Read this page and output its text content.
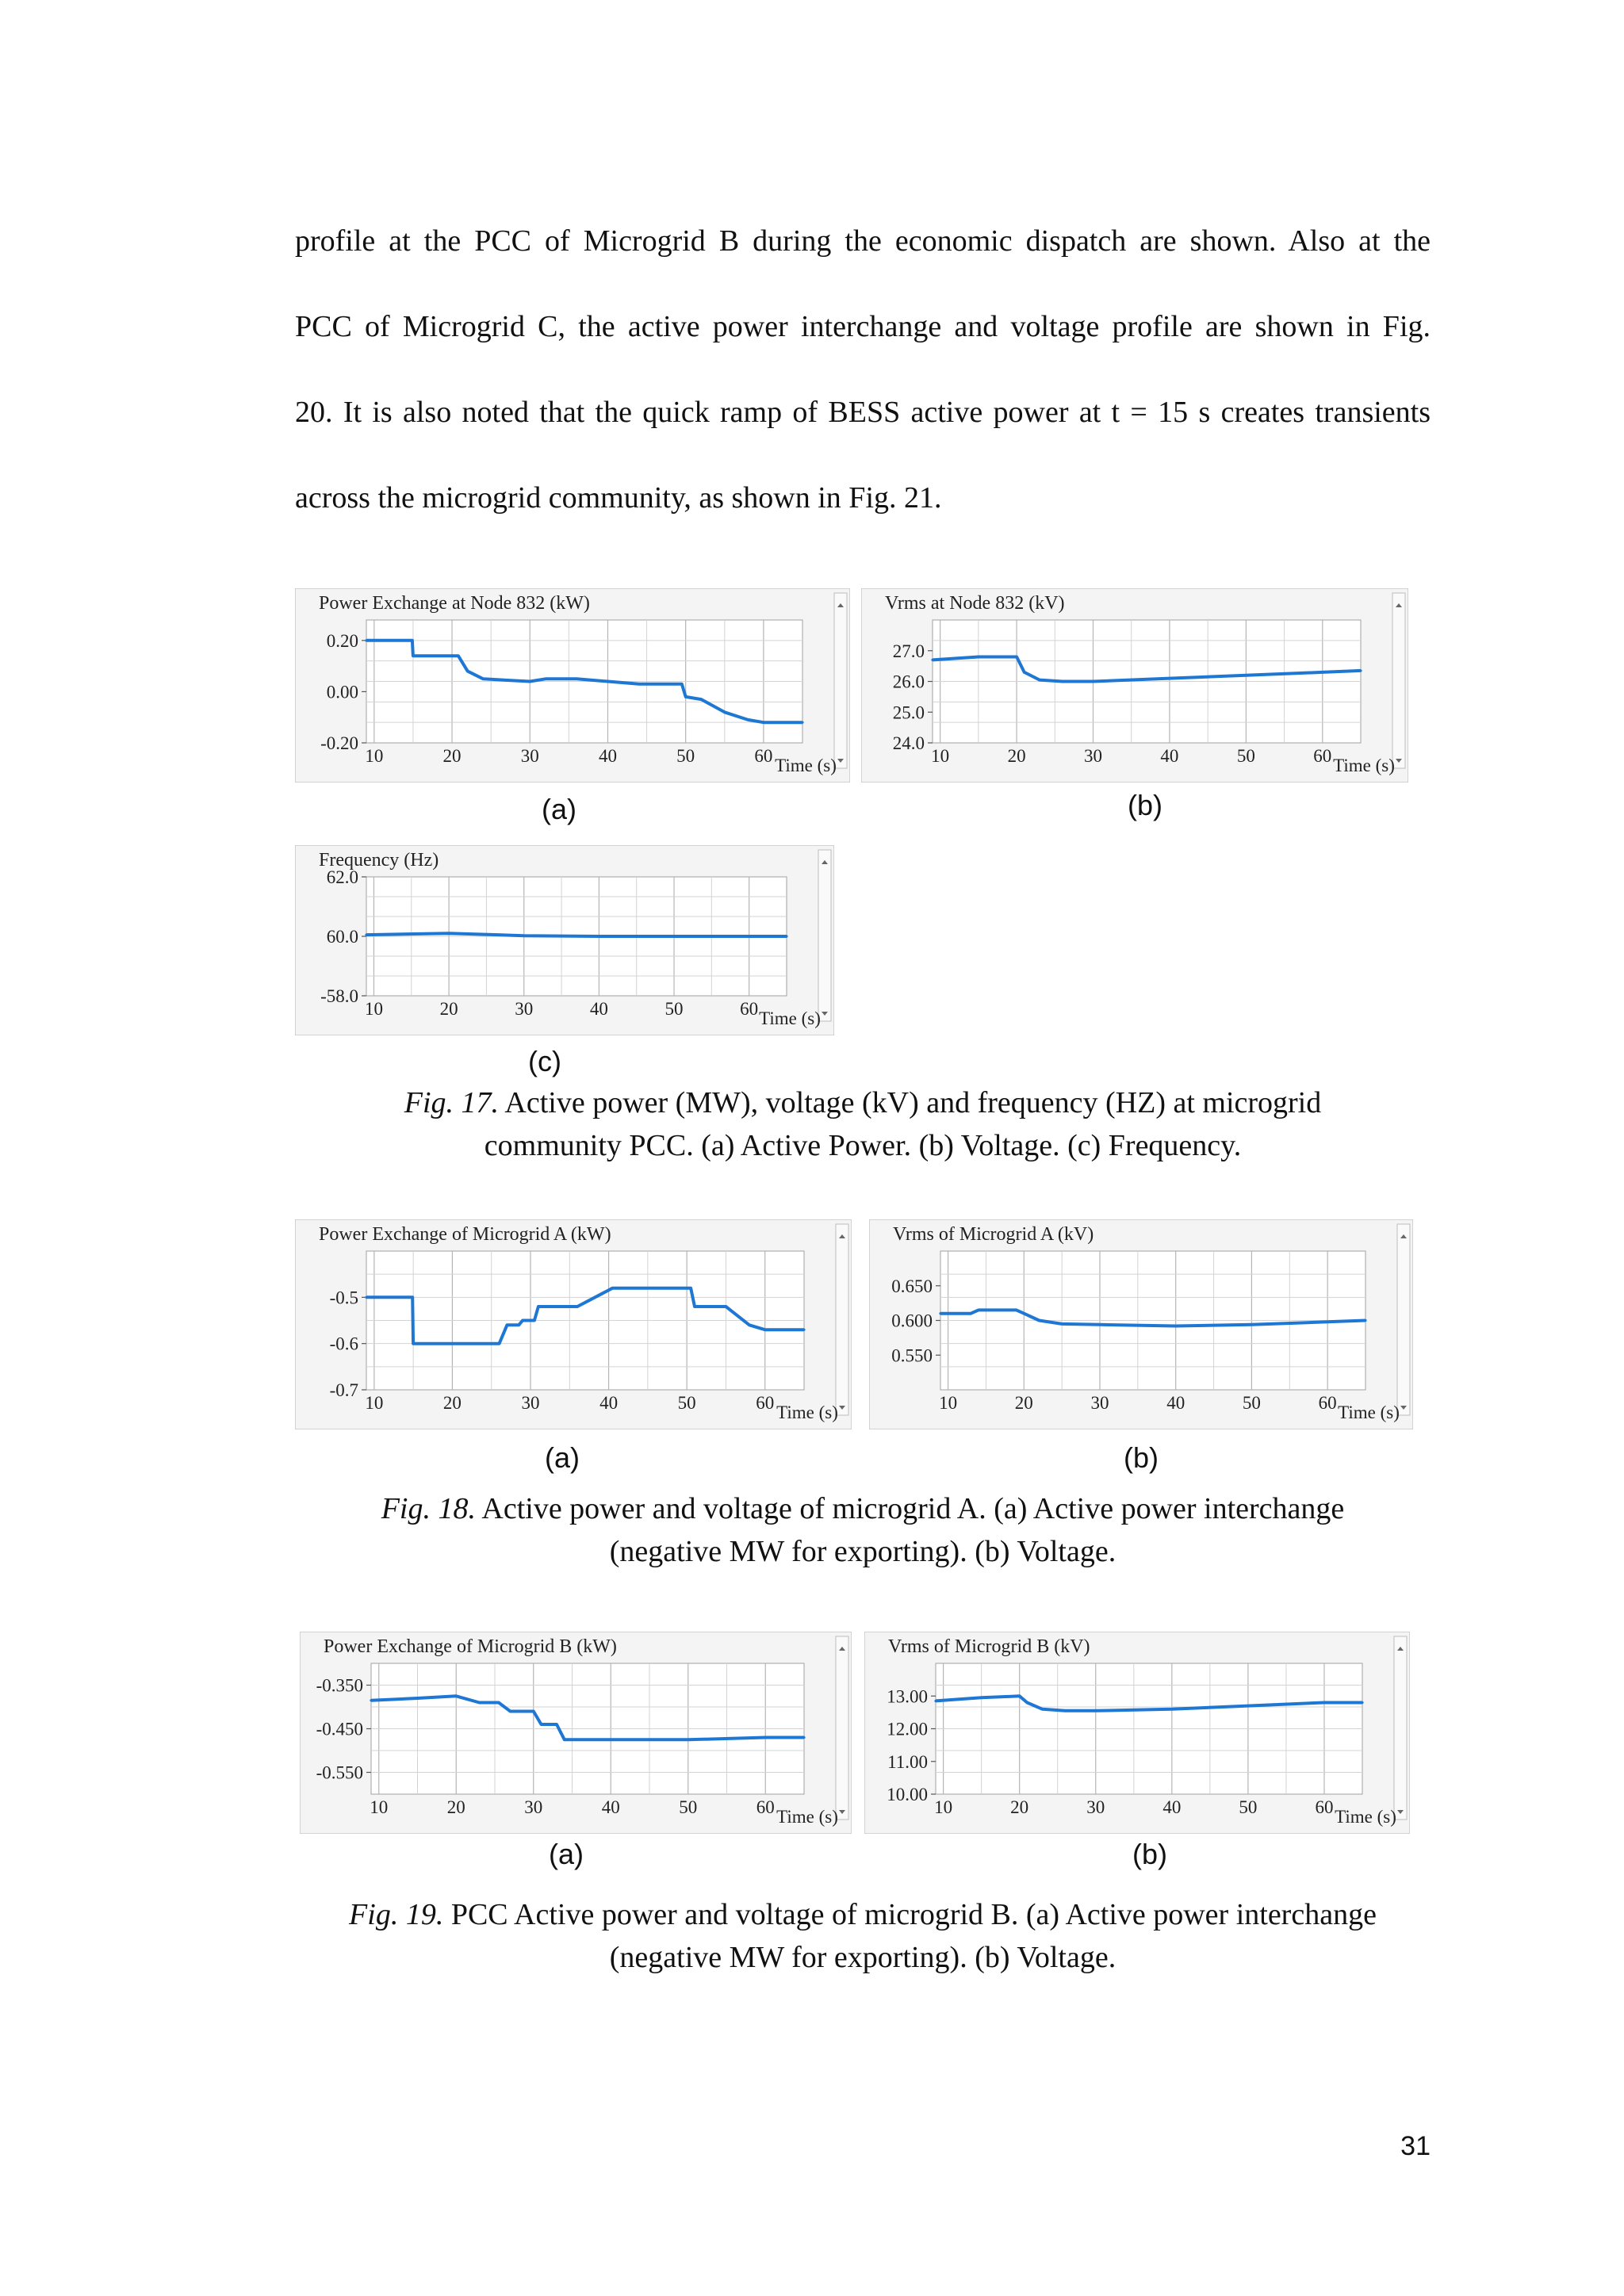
profile at the PCC of Microgrid B during the economic dispatch are shown. Also at the
PCC of Microgrid C, the active power interchange and voltage profile are shown in Fig.
20. It is also noted that the quick ramp of BESS active power at t = 15 s creates transients
across the microgrid community, as shown in Fig. 21.

Power Exchange at Node 832 (kW)
10	20	30	40	50	60
0.20
0.00
-0.20
Time (s)
Vrms at Node 832 (kV)
10	20	30	40	50	60
27.0
26.0
25.0
24.0
Time (s)
(a)	(b)
Frequency (Hz)
10	20	30	40	50	60
62.0
60.0
-58.0
Time (s)
(c)

Fig. 17. Active power (MW), voltage (kV) and frequency (HZ) at microgrid
community PCC. (a) Active Power. (b) Voltage. (c) Frequency.

Power Exchange of Microgrid A (kW)
10	20	30	40	50	60
-0.5
-0.6
-0.7
Time (s)
Vrms of Microgrid A (kV)
10	20	30	40	50	60
0.650
0.600
0.550
Time (s)
(a)	(b)

Fig. 18. Active power and voltage of microgrid A. (a) Active power interchange
(negative MW for exporting). (b) Voltage.

Power Exchange of Microgrid B (kW)
10	20	30	40	50	60
-0.350
-0.450
-0.550
Time (s)
Vrms of Microgrid B (kV)
10	20	30	40	50	60
13.00
12.00
11.00
10.00
Time (s)
(a)	(b)

Fig. 19. PCC Active power and voltage of microgrid B. (a) Active power interchange
(negative MW for exporting). (b) Voltage.

31
